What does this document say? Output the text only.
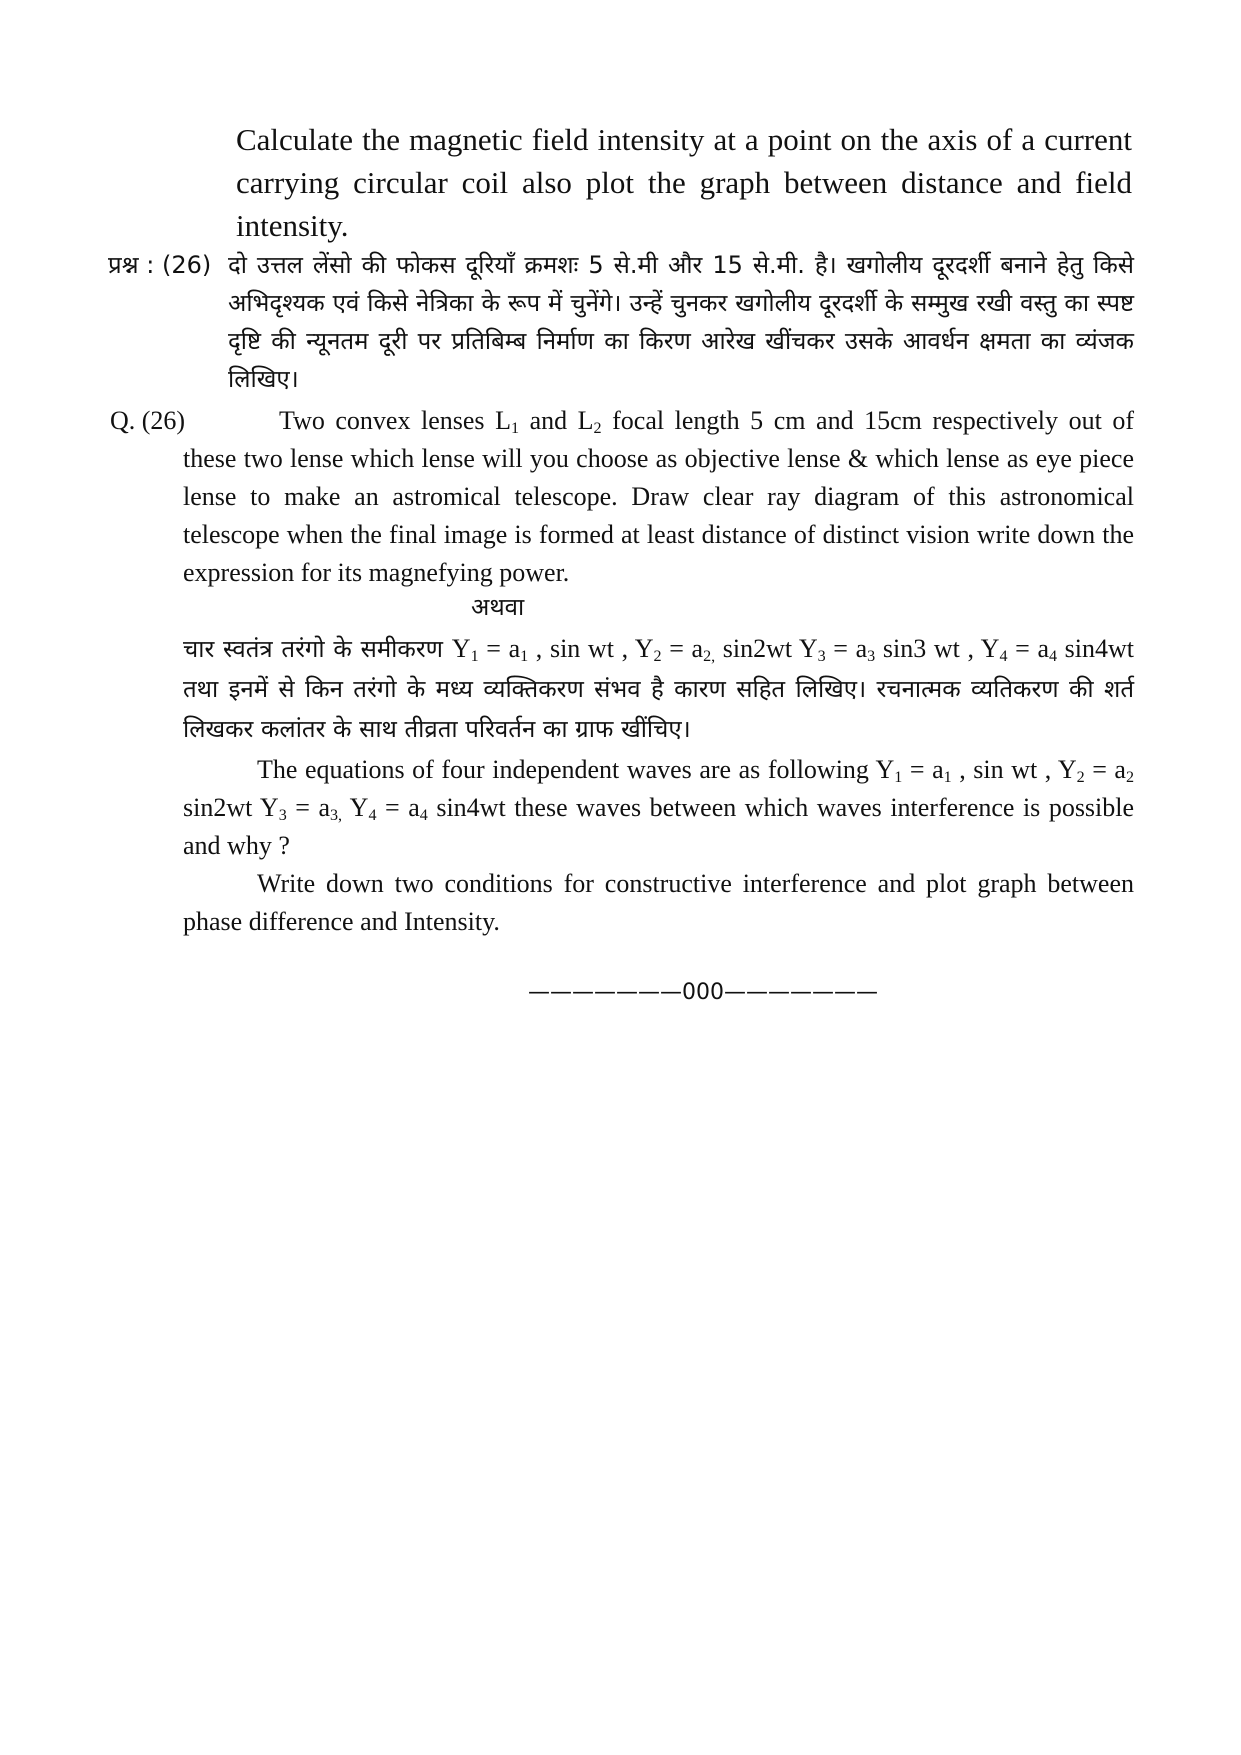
Calculate the magnetic field intensity at a point on the axis of a current carrying circular coil also plot the graph between distance and field intensity.

प्रश्न : (26) दो उत्तल लेंसो की फोकस दूरियाँ क्रमशः 5 से.मी और 15 से.मी. है। खगोलीय दूरदर्शी बनाने हेतु किसे अभिदृश्यक एवं किसे नेत्रिका के रूप में चुनेंगे। उन्हें चुनकर खगोलीय दूरदर्शी के सम्मुख रखी वस्तु का स्पष्ट दृष्टि की न्यूनतम दूरी पर प्रतिबिम्ब निर्माण का किरण आरेख खींचकर उसके आवर्धन क्षमता का व्यंजक लिखिए।

Q. (26)	Two convex lenses $L_1$ and $L_2$ focal length 5 cm and 15cm respectively out of these two lense which lense will you choose as objective lense & which lense as eye piece lense to make an astromical telescope. Draw clear ray diagram of this astronomical telescope when the final image is formed at least distance of distinct vision write down the expression for its magnefying power.

अथवा

चार स्वतंत्र तरंगो के समीकरण $Y_1 = a_1$ , sin wt , $Y_2 = a_{2,}$ sin2wt $Y_3 = a_3$ sin3 wt , $Y_4 = a_4$ sin4wt तथा इनमें से किन तरंगो के मध्य व्यक्तिकरण संभव है कारण सहित लिखिए। रचनात्मक व्यतिकरण की शर्त लिखकर कलांतर के साथ तीव्रता परिवर्तन का ग्राफ खींचिए।

The equations of four independent waves are as following $Y_1 = a_1$ , sin wt , $Y_2 = a_2$ sin2wt $Y_3 = a_{3,}$ $Y_4 = a_4$ sin4wt these waves between which waves interference is possible and why ?

Write down two conditions for constructive interference and plot graph between phase difference and Intensity.

———————000———————
